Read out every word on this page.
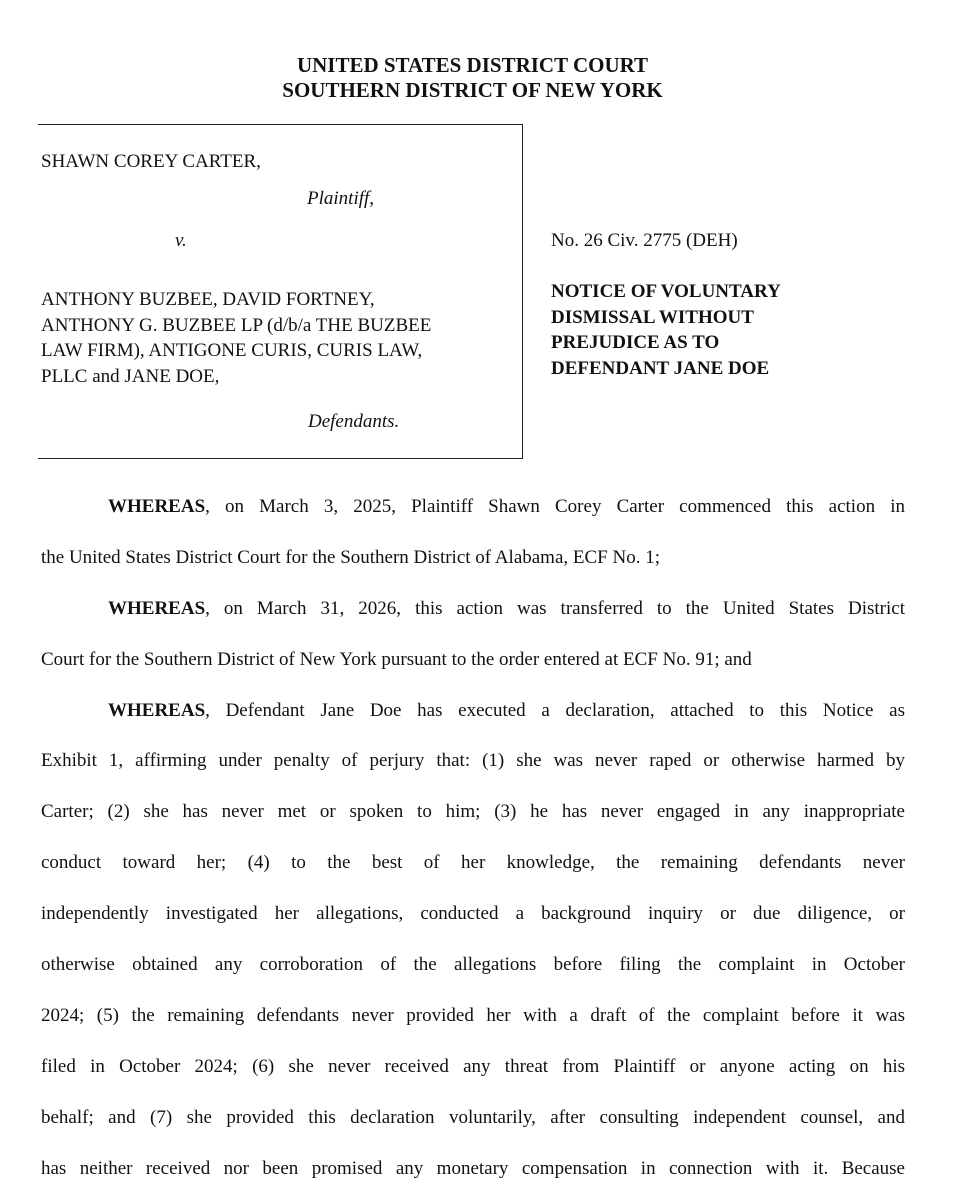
UNITED STATES DISTRICT COURT
SOUTHERN DISTRICT OF NEW YORK
SHAWN COREY CARTER,
Plaintiff,
v.
ANTHONY BUZBEE, DAVID FORTNEY,
ANTHONY G. BUZBEE LP (d/b/a THE BUZBEE
LAW FIRM), ANTIGONE CURIS, CURIS LAW,
PLLC and JANE DOE,
Defendants.
No. 26 Civ. 2775 (DEH)
NOTICE OF VOLUNTARY
DISMISSAL WITHOUT
PREJUDICE AS TO
DEFENDANT JANE DOE
WHEREAS, on March 3, 2025, Plaintiff Shawn Corey Carter commenced this action in
the United States District Court for the Southern District of Alabama, ECF No. 1;
WHEREAS, on March 31, 2026, this action was transferred to the United States District
Court for the Southern District of New York pursuant to the order entered at ECF No. 91; and
WHEREAS, Defendant Jane Doe has executed a declaration, attached to this Notice as
Exhibit 1, affirming under penalty of perjury that: (1) she was never raped or otherwise harmed by
Carter; (2) she has never met or spoken to him; (3) he has never engaged in any inappropriate
conduct toward her; (4) to the best of her knowledge, the remaining defendants never
independently investigated her allegations, conducted a background inquiry or due diligence, or
otherwise obtained any corroboration of the allegations before filing the complaint in October
2024; (5) the remaining defendants never provided her with a draft of the complaint before it was
filed in October 2024; (6) she never received any threat from Plaintiff or anyone acting on his
behalf; and (7) she provided this declaration voluntarily, after consulting independent counsel, and
has neither received nor been promised any monetary compensation in connection with it. Because
